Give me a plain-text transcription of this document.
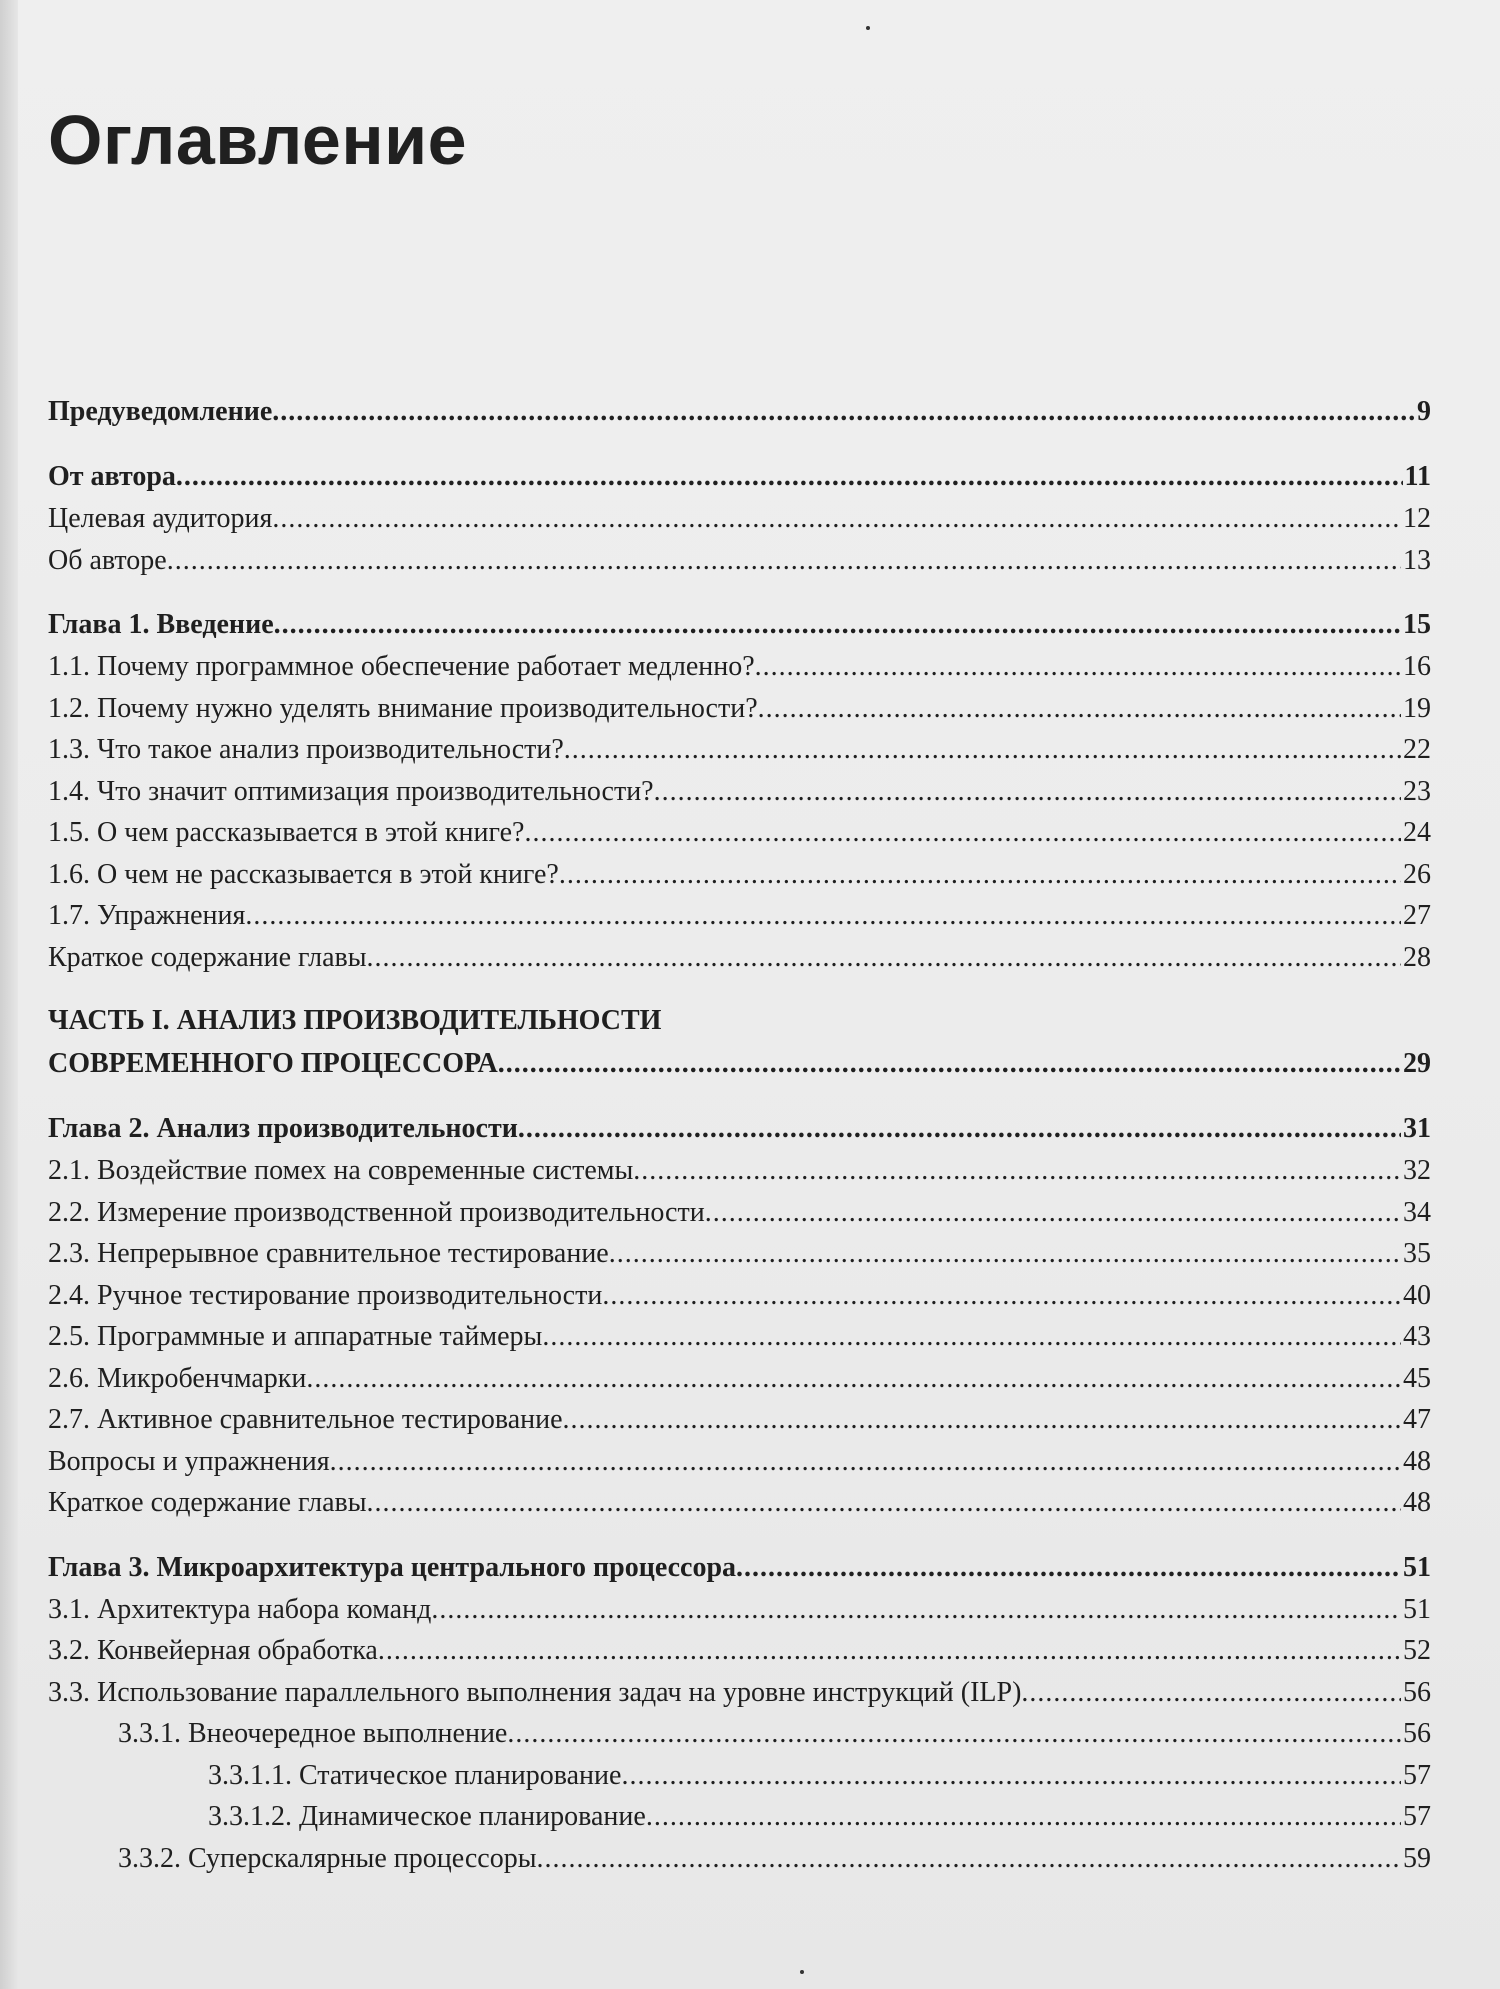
Оглавление
Предуведомление .....	9
От автора .....	11
Целевая аудитория .....	12
Об авторе .....	13
Глава 1. Введение .....	15
1.1. Почему программное обеспечение работает медленно? .....	16
1.2. Почему нужно уделять внимание производительности? .....	19
1.3. Что такое анализ производительности? .....	22
1.4. Что значит оптимизация производительности? .....	23
1.5. О чем рассказывается в этой книге? .....	24
1.6. О чем не рассказывается в этой книге? .....	26
1.7. Упражнения .....	27
Краткое содержание главы .....	28
ЧАСТЬ I. АНАЛИЗ ПРОИЗВОДИТЕЛЬНОСТИ
СОВРЕМЕННОГО ПРОЦЕССОРА .....	29
Глава 2. Анализ производительности .....	31
2.1. Воздействие помех на современные системы .....	32
2.2. Измерение производственной производительности .....	34
2.3. Непрерывное сравнительное тестирование .....	35
2.4. Ручное тестирование производительности .....	40
2.5. Программные и аппаратные таймеры .....	43
2.6. Микробенчмарки .....	45
2.7. Активное сравнительное тестирование .....	47
Вопросы и упражнения .....	48
Краткое содержание главы .....	48
Глава 3. Микроархитектура центрального процессора .....	51
3.1. Архитектура набора команд .....	51
3.2. Конвейерная обработка .....	52
3.3. Использование параллельного выполнения задач на уровне инструкций (ILP) .....	56
3.3.1. Внеочередное выполнение .....	56
3.3.1.1. Статическое планирование .....	57
3.3.1.2. Динамическое планирование .....	57
3.3.2. Суперскалярные процессоры .....	59
